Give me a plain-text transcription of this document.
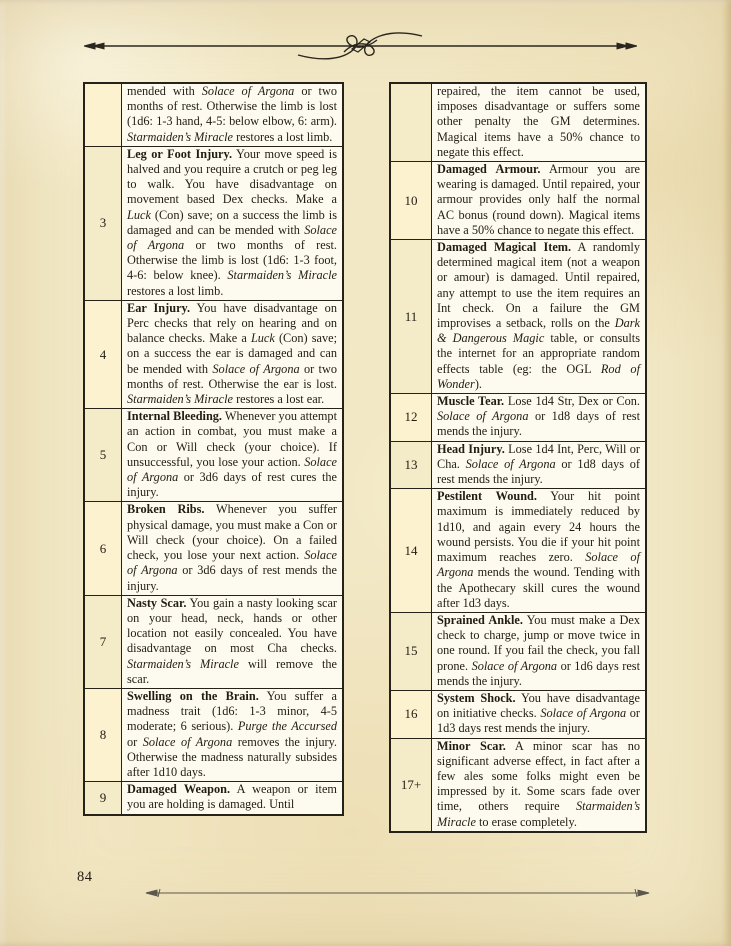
mended with Solace of Argona or two months of rest. Otherwise the limb is lost (1d6: 1-3 hand, 4-5: below elbow, 6: arm). Starmaiden’s Miracle restores a lost limb.
3
Leg or Foot Injury. Your move speed is halved and you require a crutch or peg leg to walk. You have disadvantage on movement based Dex checks. Make a Luck (Con) save; on a success the limb is damaged and can be mended with Solace of Argona or two months of rest. Otherwise the limb is lost (1d6: 1-3 foot, 4-6: below knee). Starmaiden’s Miracle restores a lost limb.
4
Ear Injury. You have disadvantage on Perc checks that rely on hearing and on balance checks. Make a Luck (Con) save; on a success the ear is damaged and can be mended with Solace of Argona or two months of rest. Otherwise the ear is lost. Starmaiden’s Miracle restores a lost ear.
5
Internal Bleeding. Whenever you attempt an action in combat, you must make a Con or Will check (your choice). If unsuccessful, you lose your action. Solace of Argona or 3d6 days of rest cures the injury.
6
Broken Ribs. Whenever you suffer physical damage, you must make a Con or Will check (your choice). On a failed check, you lose your next action. Solace of Argona or 3d6 days of rest mends the injury.
7
Nasty Scar. You gain a nasty looking scar on your head, neck, hands or other location not easily concealed. You have disadvantage on most Cha checks. Starmaiden’s Miracle will remove the scar.
8
Swelling on the Brain. You suffer a madness trait (1d6: 1-3 minor, 4-5 moderate; 6 serious). Purge the Accursed or Solace of Argona removes the injury. Otherwise the madness naturally subsides after 1d10 days.
9
Damaged Weapon. A weapon or item you are holding is damaged. Until
repaired, the item cannot be used, imposes disadvantage or suffers some other penalty the GM determines. Magical items have a 50% chance to negate this effect.
10
Damaged Armour. Armour you are wearing is damaged. Until repaired, your armour provides only half the normal AC bonus (round down). Magical items have a 50% chance to negate this effect.
11
Damaged Magical Item. A randomly determined magical item (not a weapon or amour) is damaged. Until repaired, any attempt to use the item requires an Int check. On a failure the GM improvises a setback, rolls on the Dark & Dangerous Magic table, or consults the internet for an appropriate random effects table (eg: the OGL Rod of Wonder).
12
Muscle Tear. Lose 1d4 Str, Dex or Con. Solace of Argona or 1d8 days of rest mends the injury.
13
Head Injury. Lose 1d4 Int, Perc, Will or Cha. Solace of Argona or 1d8 days of rest mends the injury.
14
Pestilent Wound. Your hit point maximum is immediately reduced by 1d10, and again every 24 hours the wound persists. You die if your hit point maximum reaches zero. Solace of Argona mends the wound. Tending with the Apothecary skill cures the wound after 1d3 days.
15
Sprained Ankle. You must make a Dex check to charge, jump or move twice in one round. If you fail the check, you fall prone. Solace of Argona or 1d6 days rest mends the injury.
16
System Shock. You have disadvantage on initiative checks. Solace of Argona or 1d3 days rest mends the injury.
17+
Minor Scar. A minor scar has no significant adverse effect, in fact after a few ales some folks might even be impressed by it. Some scars fade over time, others require Starmaiden’s Miracle to erase completely.
84
